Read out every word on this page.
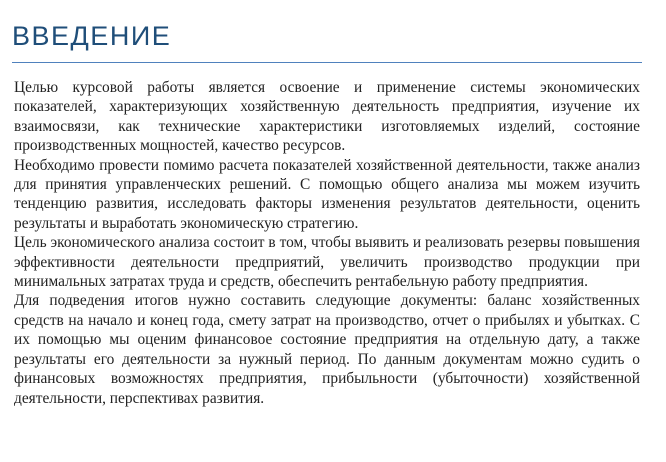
ВВЕДЕНИЕ

Целью курсовой работы является освоение и применение системы экономических показателей, характеризующих хозяйственную деятельность предприятия, изучение их взаимосвязи, как технические характеристики изготовляемых изделий, состояние производственных мощностей, качество ресурсов.

Необходимо провести помимо расчета показателей хозяйственной деятельности, также анализ для принятия управленческих решений. С помощью общего анализа мы можем изучить тенденцию развития, исследовать факторы изменения результатов деятельности, оценить результаты и выработать экономическую стратегию.

Цель экономического анализа состоит в том, чтобы выявить и реализовать резервы повышения эффективности деятельности предприятий, увеличить производство продукции при минимальных затратах труда и средств, обеспечить рентабельную работу предприятия.

Для подведения итогов нужно составить следующие документы: баланс хозяйственных средств на начало и конец года, смету затрат на производство, отчет о прибылях и убытках. С их помощью мы оценим финансовое состояние предприятия на отдельную дату, а также результаты его деятельности за нужный период. По данным документам можно судить о финансовых возможностях предприятия, прибыльности (убыточности) хозяйственной деятельности, перспективах развития.
